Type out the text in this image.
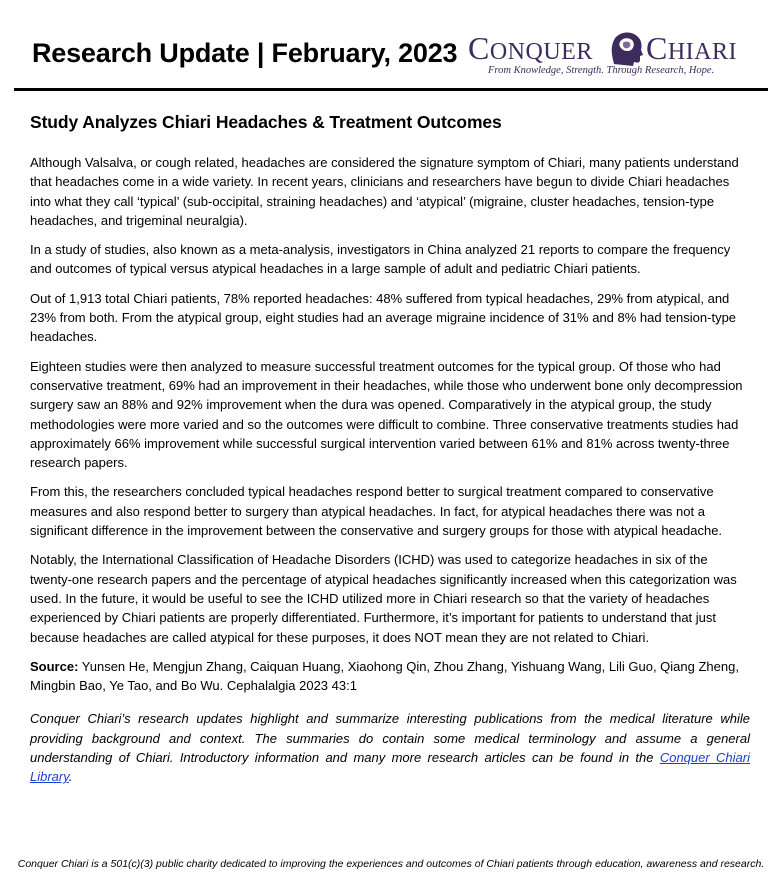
Research Update | February, 2023 CONQUER CHIARI
From Knowledge, Strength. Through Research, Hope.
Study Analyzes Chiari Headaches & Treatment Outcomes

Although Valsalva, or cough related, headaches are considered the signature symptom of Chiari, many patients understand that headaches come in a wide variety. In recent years, clinicians and researchers have begun to divide Chiari headaches into what they call ‘typical’ (sub-occipital, straining headaches) and ‘atypical’ (migraine, cluster headaches, tension-type headaches, and trigeminal neuralgia).

In a study of studies, also known as a meta-analysis, investigators in China analyzed 21 reports to compare the frequency and outcomes of typical versus atypical headaches in a large sample of adult and pediatric Chiari patients.

Out of 1,913 total Chiari patients, 78% reported headaches: 48% suffered from typical headaches, 29% from atypical, and 23% from both. From the atypical group, eight studies had an average migraine incidence of 31% and 8% had tension-type headaches.

Eighteen studies were then analyzed to measure successful treatment outcomes for the typical group. Of those who had conservative treatment, 69% had an improvement in their headaches, while those who underwent bone only decompression surgery saw an 88% and 92% improvement when the dura was opened. Comparatively in the atypical group, the study methodologies were more varied and so the outcomes were difficult to combine. Three conservative treatments studies had approximately 66% improvement while successful surgical intervention varied between 61% and 81% across twenty-three research papers.

From this, the researchers concluded typical headaches respond better to surgical treatment compared to conservative measures and also respond better to surgery than atypical headaches. In fact, for atypical headaches there was not a significant difference in the improvement between the conservative and surgery groups for those with atypical headache.

Notably, the International Classification of Headache Disorders (ICHD) was used to categorize headaches in six of the twenty-one research papers and the percentage of atypical headaches significantly increased when this categorization was used. In the future, it would be useful to see the ICHD utilized more in Chiari research so that the variety of headaches experienced by Chiari patients are properly differentiated. Furthermore, it’s important for patients to understand that just because headaches are called atypical for these purposes, it does NOT mean they are not related to Chiari.

Source: Yunsen He, Mengjun Zhang, Caiquan Huang, Xiaohong Qin, Zhou Zhang, Yishuang Wang, Lili Guo, Qiang Zheng, Mingbin Bao, Ye Tao, and Bo Wu. Cephalalgia 2023 43:1

Conquer Chiari’s research updates highlight and summarize interesting publications from the medical literature while providing background and context. The summaries do contain some medical terminology and assume a general understanding of Chiari. Introductory information and many more research articles can be found in the Conquer Chiari Library.

Conquer Chiari is a 501(c)(3) public charity dedicated to improving the experiences and outcomes of Chiari patients through education, awareness and research.
